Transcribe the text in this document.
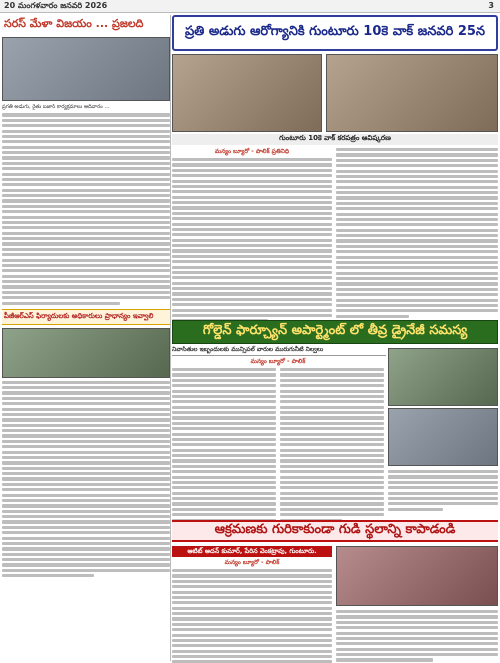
20 మంగళవారం జనవరి 2026	3
సరస్ మేళా విజయం ... ప్రజలది
ప్రగతి అడుగు, రైతు బజార్ కార్యక్రమాలు ఆదివారం ...
పీజీఆర్ఎస్ ఫిర్యాదులకు అధికారులు ప్రాధాన్యం ఇవ్వాలి
ప్రతి అడుగు ఆరోగ్యానికి గుంటూరు 10కె వాక్ జనవరి 25న
గుంటూరు 10కె వాక్ కరపత్రం ఆవిష్కరణ
మన్యం బ్యూరో - పాలిక్ ప్రతినిధి
గోల్డెన్ ఫార్చ్యూన్ అపార్ట్మెంట్ లో తీవ్ర డ్రైనేజీ సమస్య
నివాసితుల ఇబ్బందులకు మున్సిపల్ వారుల మురుగునీటి నిల్వలు
మన్యం బ్యూరో - పాలిక్
ఆక్రమణకు గురికాకుండా గుడి స్థలాన్ని కాపాడండి
ఆటిట్ అదన్ కుమార్, పేరిన వెంకట్రావు, గుంటూరు.
మన్యం బ్యూరో - పాలిక్
